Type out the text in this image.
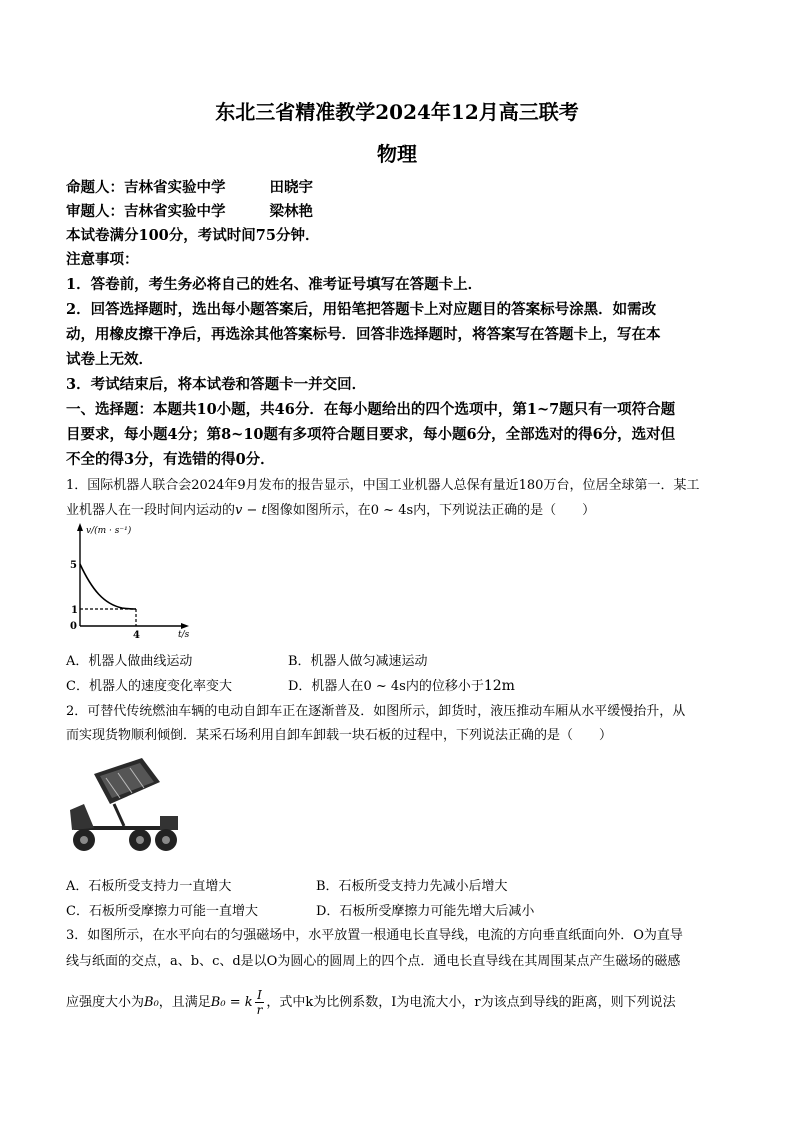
东北三省精准教学2024年12月高三联考
物理
命题人：吉林省实验中学	田晓宇
审题人：吉林省实验中学	梁林艳
本试卷满分100分，考试时间75分钟．
注意事项：
1．答卷前，考生务必将自己的姓名、准考证号填写在答题卡上．
2．回答选择题时，选出每小题答案后，用铅笔把答题卡上对应题目的答案标号涂黑．如需改
动，用橡皮擦干净后，再选涂其他答案标号．回答非选择题时，将答案写在答题卡上，写在本
试卷上无效．
3．考试结束后，将本试卷和答题卡一并交回．
一、选择题：本题共10小题，共46分．在每小题给出的四个选项中，第1~7题只有一项符合题
目要求，每小题4分；第8~10题有多项符合题目要求，每小题6分，全部选对的得6分，选对但
不全的得3分，有选错的得0分．
1．国际机器人联合会2024年9月发布的报告显示，中国工业机器人总保有量近180万台，位居全球第一．某工
业机器人在一段时间内运动的v − t图像如图所示，在0 ~ 4s内，下列说法正确的是（　　）
v/(m · s⁻¹)
5
1
0
4	t/s
A．机器人做曲线运动	B．机器人做匀减速运动
C．机器人的速度变化率变大	D．机器人在0 ~ 4s内的位移小于12m
2．可替代传统燃油车辆的电动自卸车正在逐渐普及．如图所示，卸货时，液压推动车厢从水平缓慢抬升，从
而实现货物顺利倾倒．某采石场利用自卸车卸载一块石板的过程中，下列说法正确的是（　　）
A．石板所受支持力一直增大	B．石板所受支持力先减小后增大
C．石板所受摩擦力可能一直增大	D．石板所受摩擦力可能先增大后减小
3．如图所示，在水平向右的匀强磁场中，水平放置一根通电长直导线，电流的方向垂直纸面向外．O为直导
线与纸面的交点，a、b、c、d是以O为圆心的圆周上的四个点．通电长直导线在其周围某点产生磁场的磁感
应强度大小为B₀，且满足B₀ = k $\frac{I}{r}$ ，式中k为比例系数，I为电流大小，r为该点到导线的距离，则下列说法
